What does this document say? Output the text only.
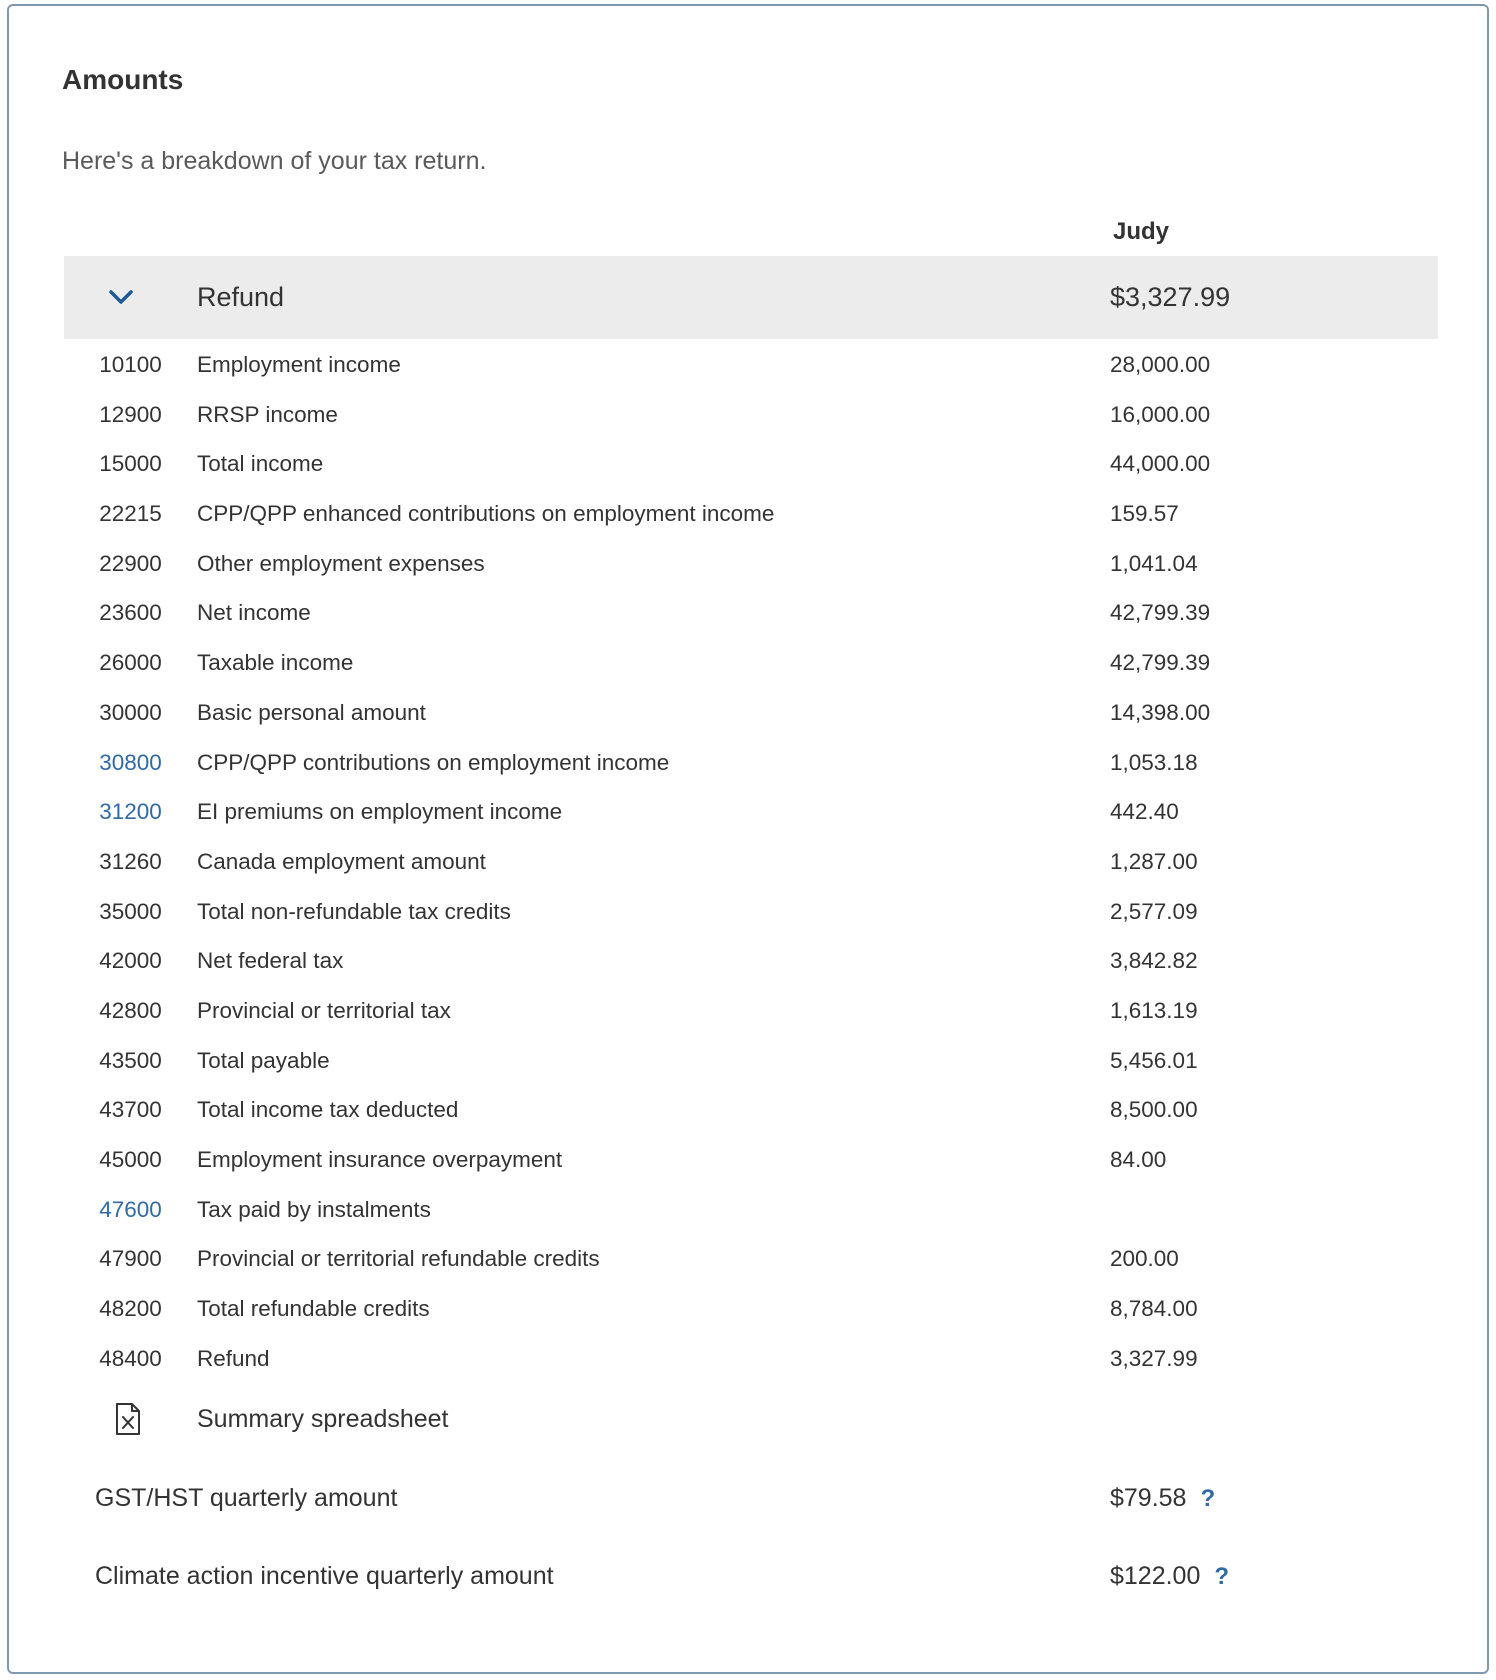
Amounts

Here's a breakdown of your tax return.

Judy
Refund	$3,327.99
10100	Employment income	28,000.00
12900	RRSP income	16,000.00
15000	Total income	44,000.00
22215	CPP/QPP enhanced contributions on employment income	159.57
22900	Other employment expenses	1,041.04
23600	Net income	42,799.39
26000	Taxable income	42,799.39
30000	Basic personal amount	14,398.00
30800	CPP/QPP contributions on employment income	1,053.18
31200	EI premiums on employment income	442.40
31260	Canada employment amount	1,287.00
35000	Total non-refundable tax credits	2,577.09
42000	Net federal tax	3,842.82
42800	Provincial or territorial tax	1,613.19
43500	Total payable	5,456.01
43700	Total income tax deducted	8,500.00
45000	Employment insurance overpayment	84.00
47600	Tax paid by instalments
47900	Provincial or territorial refundable credits	200.00
48200	Total refundable credits	8,784.00
48400	Refund	3,327.99
Summary spreadsheet
GST/HST quarterly amount	$79.58 ?
Climate action incentive quarterly amount	$122.00 ?
